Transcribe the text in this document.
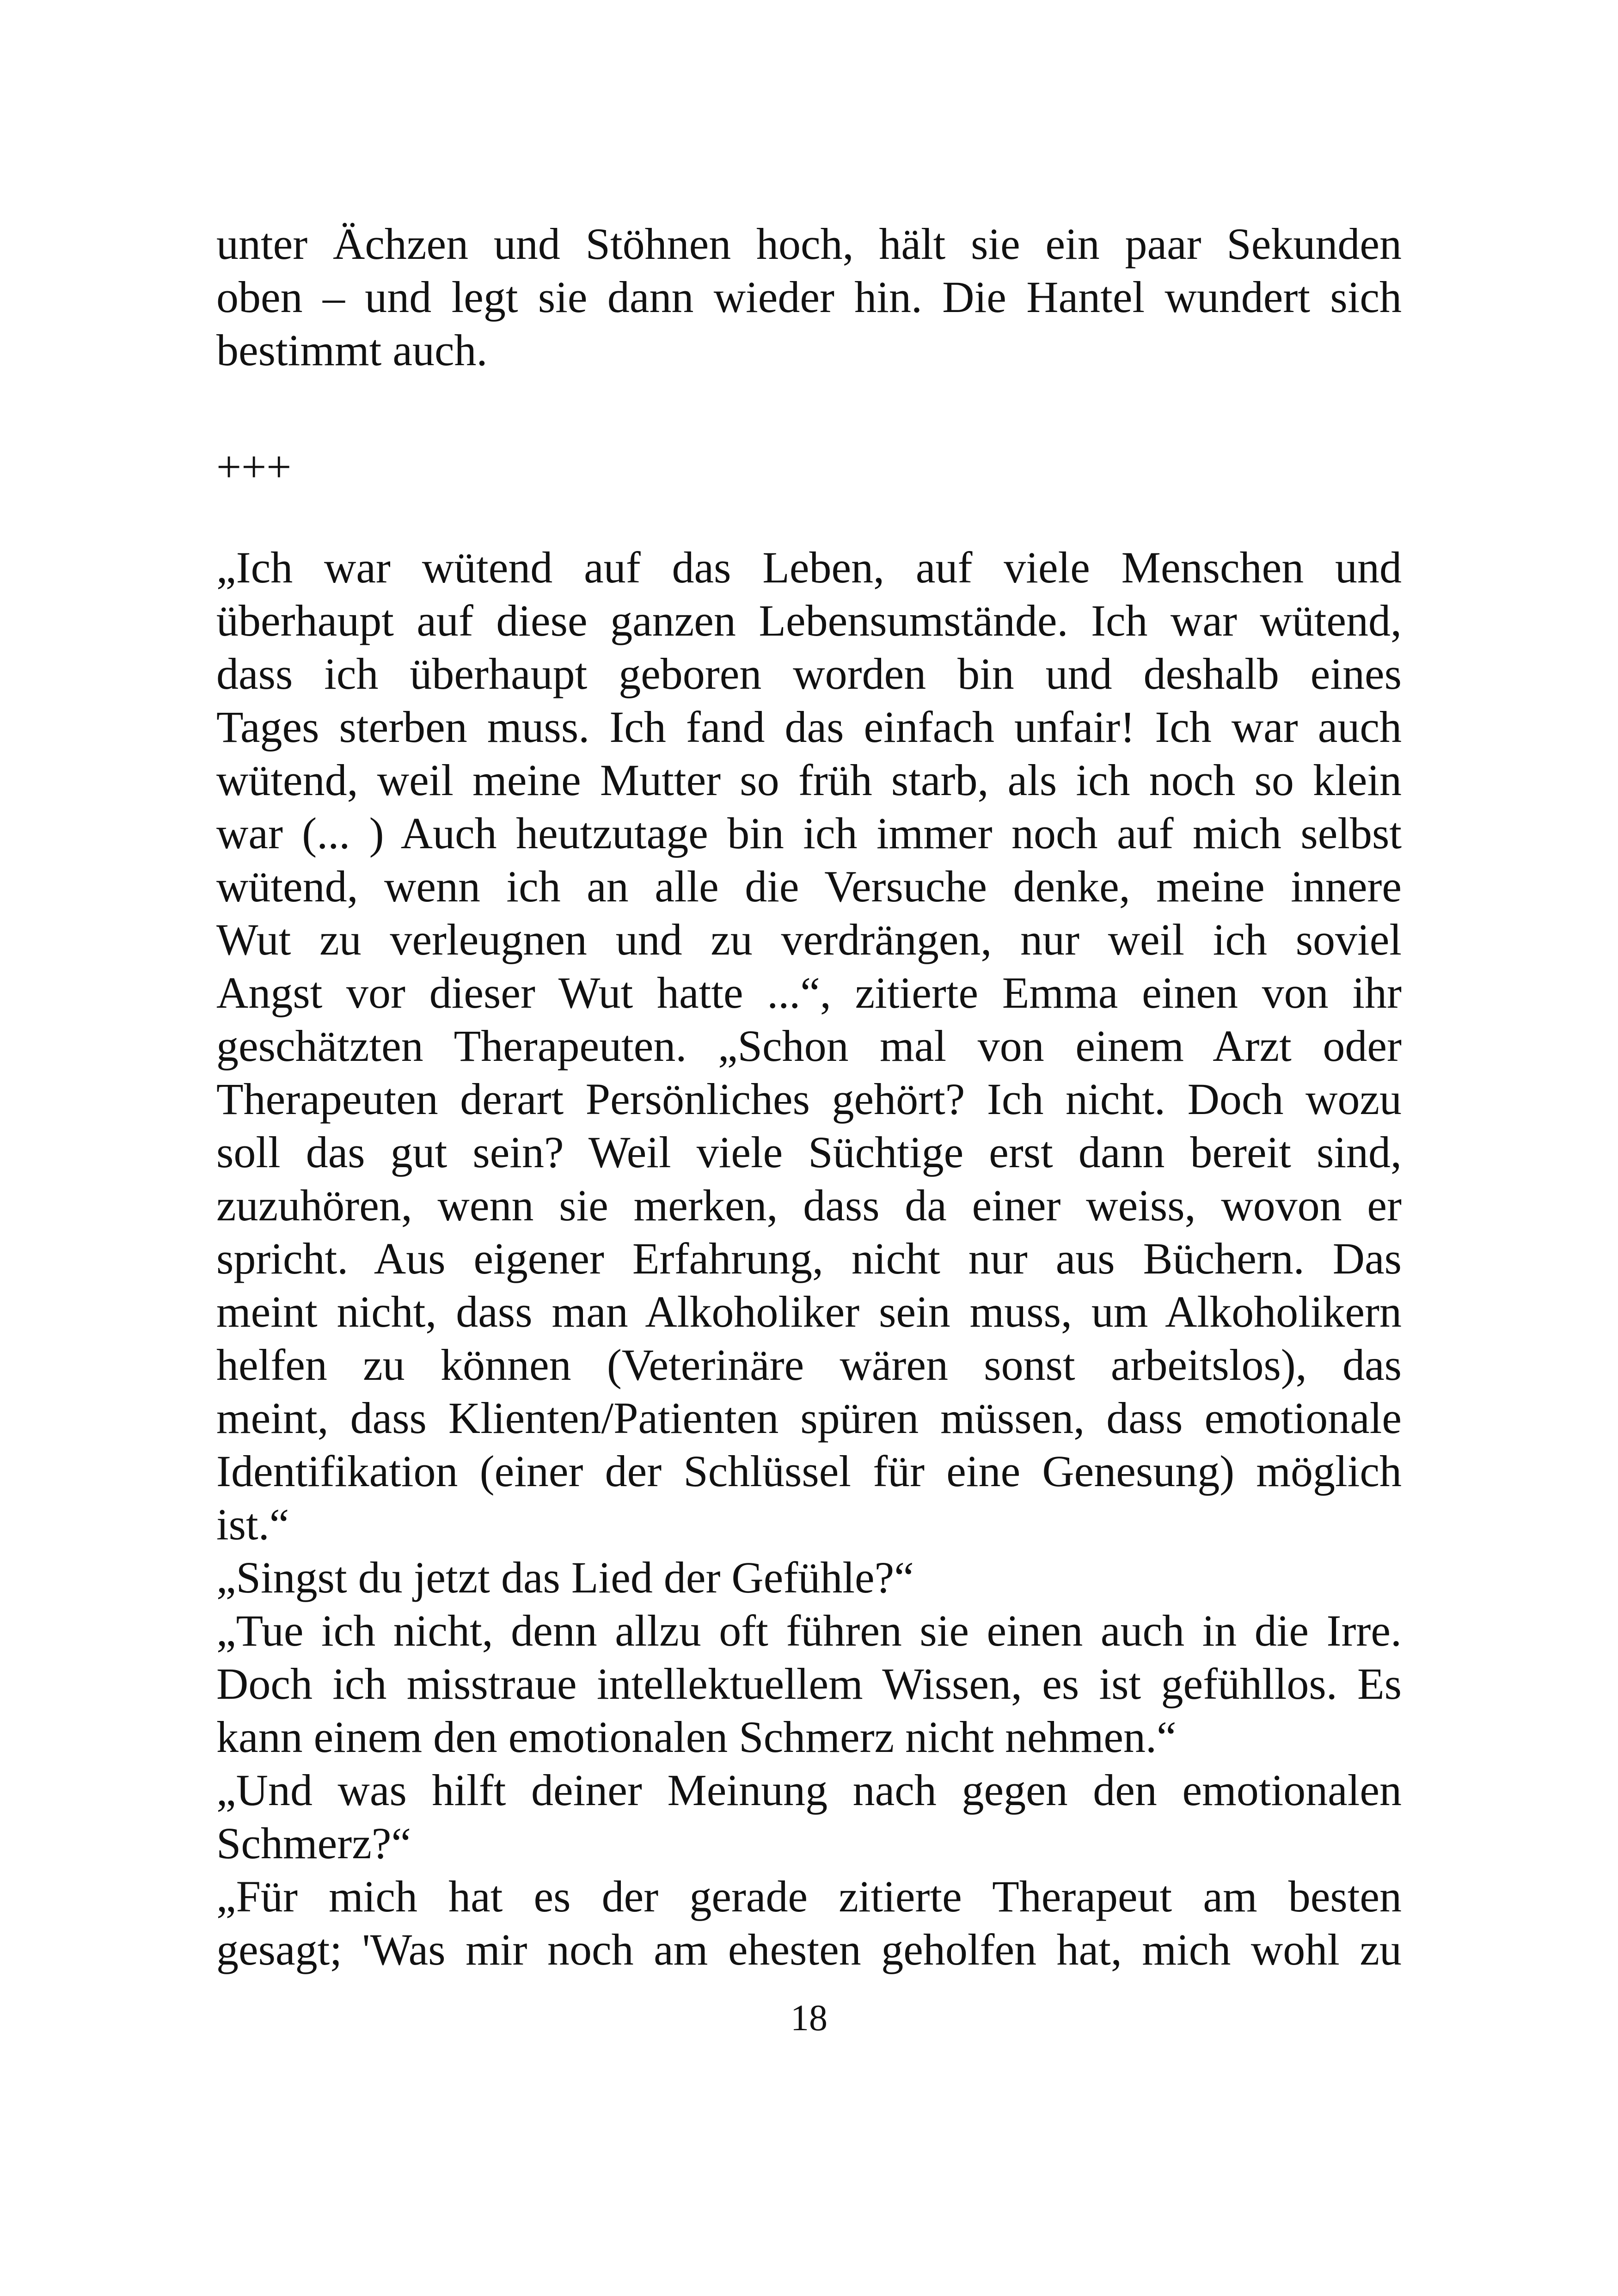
unter Ächzen und Stöhnen hoch, hält sie ein paar Sekunden
oben – und legt sie dann wieder hin. Die Hantel wundert sich
bestimmt auch.
+++
„Ich war wütend auf das Leben, auf viele Menschen und
überhaupt auf diese ganzen Lebensumstände. Ich war wütend,
dass ich überhaupt geboren worden bin und deshalb eines
Tages sterben muss. Ich fand das einfach unfair! Ich war auch
wütend, weil meine Mutter so früh starb, als ich noch so klein
war (... ) Auch heutzutage bin ich immer noch auf mich selbst
wütend, wenn ich an alle die Versuche denke, meine innere
Wut zu verleugnen und zu verdrängen, nur weil ich soviel
Angst vor dieser Wut hatte ...“, zitierte Emma einen von ihr
geschätzten Therapeuten. „Schon mal von einem Arzt oder
Therapeuten derart Persönliches gehört? Ich nicht. Doch wozu
soll das gut sein? Weil viele Süchtige erst dann bereit sind,
zuzuhören, wenn sie merken, dass da einer weiss, wovon er
spricht. Aus eigener Erfahrung, nicht nur aus Büchern. Das
meint nicht, dass man Alkoholiker sein muss, um Alkoholikern
helfen zu können (Veterinäre wären sonst arbeitslos), das
meint, dass Klienten/Patienten spüren müssen, dass emotionale
Identifikation (einer der Schlüssel für eine Genesung) möglich
ist.“
„Singst du jetzt das Lied der Gefühle?“
„Tue ich nicht, denn allzu oft führen sie einen auch in die Irre.
Doch ich misstraue intellektuellem Wissen, es ist gefühllos. Es
kann einem den emotionalen Schmerz nicht nehmen.“
„Und was hilft deiner Meinung nach gegen den emotionalen
Schmerz?“
„Für mich hat es der gerade zitierte Therapeut am besten
gesagt; 'Was mir noch am ehesten geholfen hat, mich wohl zu
18
